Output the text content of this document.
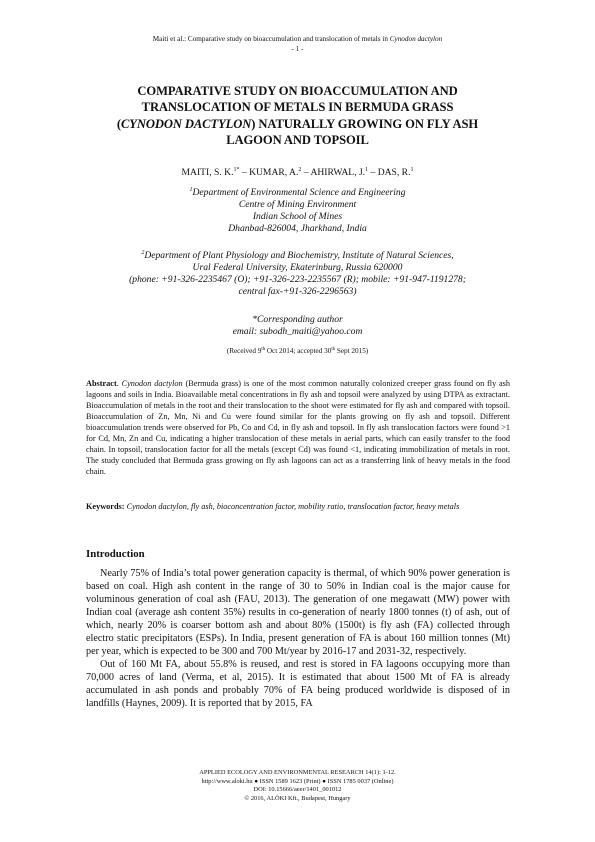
Maiti et al.: Comparative study on bioaccumulation and translocation of metals in Cynodon dactylon
- 1 -
COMPARATIVE STUDY ON BIOACCUMULATION AND
TRANSLOCATION OF METALS IN BERMUDA GRASS
(CYNODON DACTYLON) NATURALLY GROWING ON FLY ASH
LAGOON AND TOPSOIL
MAITI, S. K.$^{1*}$ – KUMAR, A.$^2$ – AHIRWAL, J.$^1$ – DAS, R.$^1$
$^1$Department of Environmental Science and Engineering
Centre of Mining Environment
Indian School of Mines
Dhanbad-826004, Jharkhand, India
$^2$Department of Plant Physiology and Biochemistry, Institute of Natural Sciences,
Ural Federal University, Ekaterinburg, Russia 620000
(phone: +91-326-2235467 (O); +91-326-223-2235567 (R); mobile: +91-947-1191278;
central fax-+91-326-2296563)
*Corresponding author
email: subodh_maiti@yahoo.com
(Received 9th Oct 2014; accepted 30th Sept 2015)
Abstract. Cynodon dactylon (Bermuda grass) is one of the most common naturally colonized creeper grass found on fly ash lagoons and soils in India. Bioavailable metal concentrations in fly ash and topsoil were analyzed by using DTPA as extractant. Bioaccumulation of metals in the root and their translocation to the shoot were estimated for fly ash and compared with topsoil. Bioaccumulation of Zn, Mn, Ni and Cu were found similar for the plants growing on fly ash and topsoil. Different bioaccumulation trends were observed for Pb, Co and Cd, in fly ash and topsoil. In fly ash translocation factors were found >1 for Cd, Mn, Zn and Cu, indicating a higher translocation of these metals in aerial parts, which can easily transfer to the food chain. In topsoil, translocation factor for all the metals (except Cd) was found <1, indicating immobilization of metals in root. The study concluded that Bermuda grass growing on fly ash lagoons can act as a transferring link of heavy metals in the food chain.
Keywords: Cynodon dactylon, fly ash, bioconcentration factor, mobility ratio, translocation factor, heavy metals
Introduction

Nearly 75% of India’s total power generation capacity is thermal, of which 90% power generation is based on coal. High ash content in the range of 30 to 50% in Indian coal is the major cause for voluminous generation of coal ash (FAU, 2013). The generation of one megawatt (MW) power with Indian coal (average ash content 35%) results in co-generation of nearly 1800 tonnes (t) of ash, out of which, nearly 20% is coarser bottom ash and about 80% (1500t) is fly ash (FA) collected through electro static precipitators (ESPs). In India, present generation of FA is about 160 million tonnes (Mt) per year, which is expected to be 300 and 700 Mt/year by 2016-17 and 2031-32, respectively.

Out of 160 Mt FA, about 55.8% is reused, and rest is stored in FA lagoons occupying more than 70,000 acres of land (Verma, et al, 2015). It is estimated that about 1500 Mt of FA is already accumulated in ash ponds and probably 70% of FA being produced worldwide is disposed of in landfills (Haynes, 2009). It is reported that by 2015, FA

APPLIED ECOLOGY AND ENVIRONMENTAL RESEARCH 14(1): 1-12.
http://www.aloki.hu ● ISSN 1589 1623 (Print) ● ISSN 1785 0037 (Online)
DOI: 10.15666/aeer/1401_001012
© 2016, ALÖKI Kft., Budapest, Hungary
